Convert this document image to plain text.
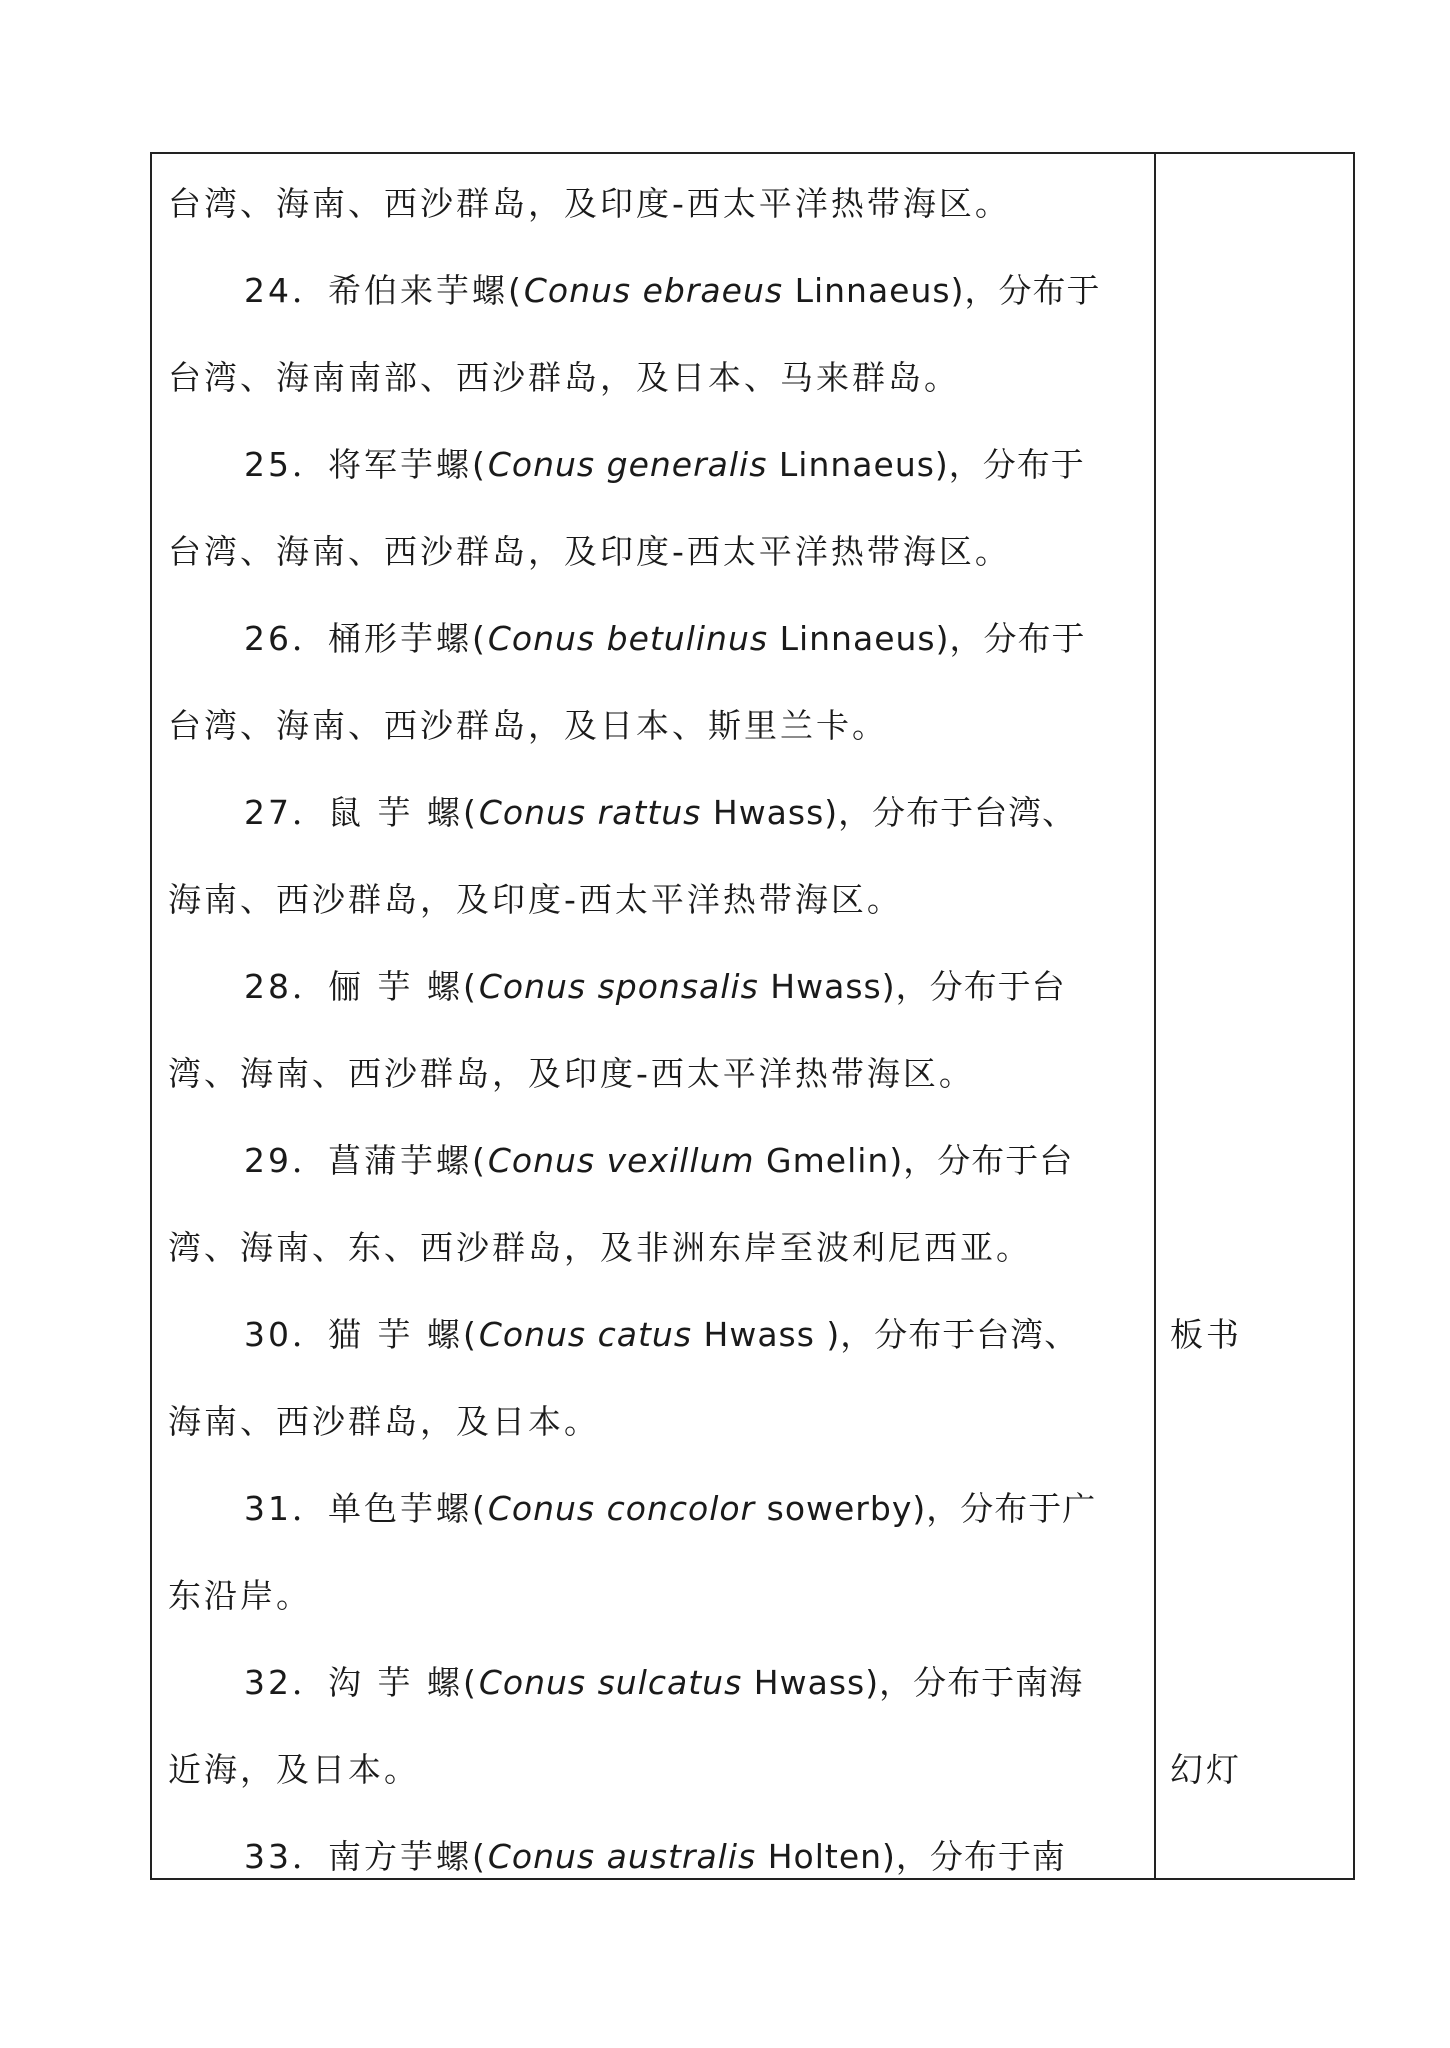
台湾、海南、西沙群岛，及印度-西太平洋热带海区。
24．希伯来芋螺(Conus ebraeus Linnaeus)，分布于
台湾、海南南部、西沙群岛，及日本、马来群岛。
25．将军芋螺(Conus generalis Linnaeus)，分布于
台湾、海南、西沙群岛，及印度-西太平洋热带海区。
26．桶形芋螺(Conus betulinus Linnaeus)，分布于
台湾、海南、西沙群岛，及日本、斯里兰卡。
27．鼠 芋 螺(Conus rattus Hwass)，分布于台湾、
海南、西沙群岛，及印度-西太平洋热带海区。
28．俪 芋 螺(Conus sponsalis Hwass)，分布于台
湾、海南、西沙群岛，及印度-西太平洋热带海区。
29．菖蒲芋螺(Conus vexillum Gmelin)，分布于台
湾、海南、东、西沙群岛，及非洲东岸至波利尼西亚。
30．猫 芋 螺(Conus catus Hwass )，分布于台湾、
海南、西沙群岛，及日本。
31．单色芋螺(Conus concolor sowerby)，分布于广
东沿岸。
32．沟 芋 螺(Conus sulcatus Hwass)，分布于南海
近海，及日本。
33．南方芋螺(Conus australis Holten)，分布于南
板书
幻灯
